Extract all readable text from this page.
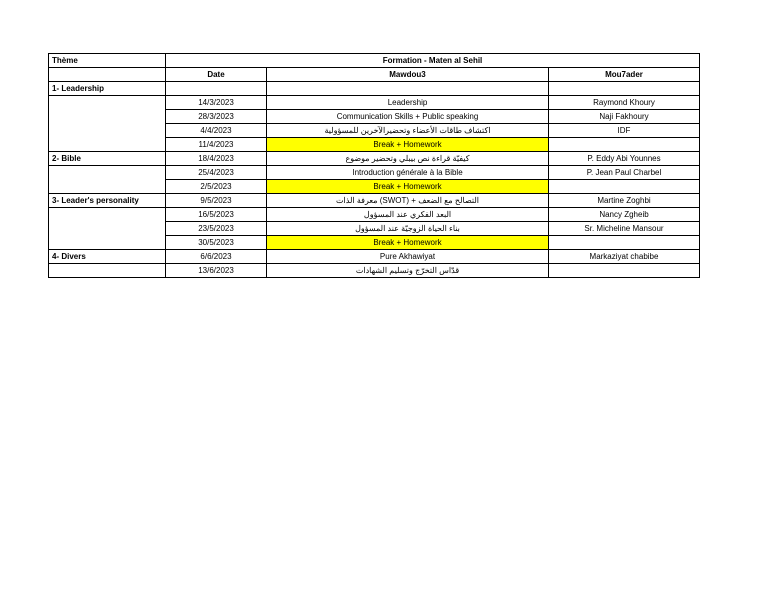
Thème	Formation - Maten al Sehil		
	Date	Mawdou3	Mou7ader
1- Leadership			
	14/3/2023	Leadership	Raymond Khoury
	28/3/2023	Communication Skills + Public speaking	Naji Fakhoury
	4/4/2023	اكتشاف طاقات الأعضاء وتحضيرالآخرين للمسؤولية	IDF
	11/4/2023	Break + Homework	
2- Bible	18/4/2023	كيفيّة قراءة نص بيبلي وتحضير موضوع	P. Eddy Abi Younnes
	25/4/2023	Introduction générale à la Bible	P. Jean Paul Charbel
	2/5/2023	Break + Homework	
3- Leader's personality	9/5/2023	معرفة الذات (SWOT) + التصالح مع الضعف	Martine Zoghbi
	16/5/2023	البعد الفكري عند المسؤول	Nancy Zgheib
	23/5/2023	بناء الحياة الزوجيّة عند المسؤول	Sr. Micheline Mansour
	30/5/2023	Break + Homework	
4- Divers	6/6/2023	Pure Akhawiyat	Markaziyat chabibe
	13/6/2023	قدّاس التخرّج وتسليم الشهادات	
